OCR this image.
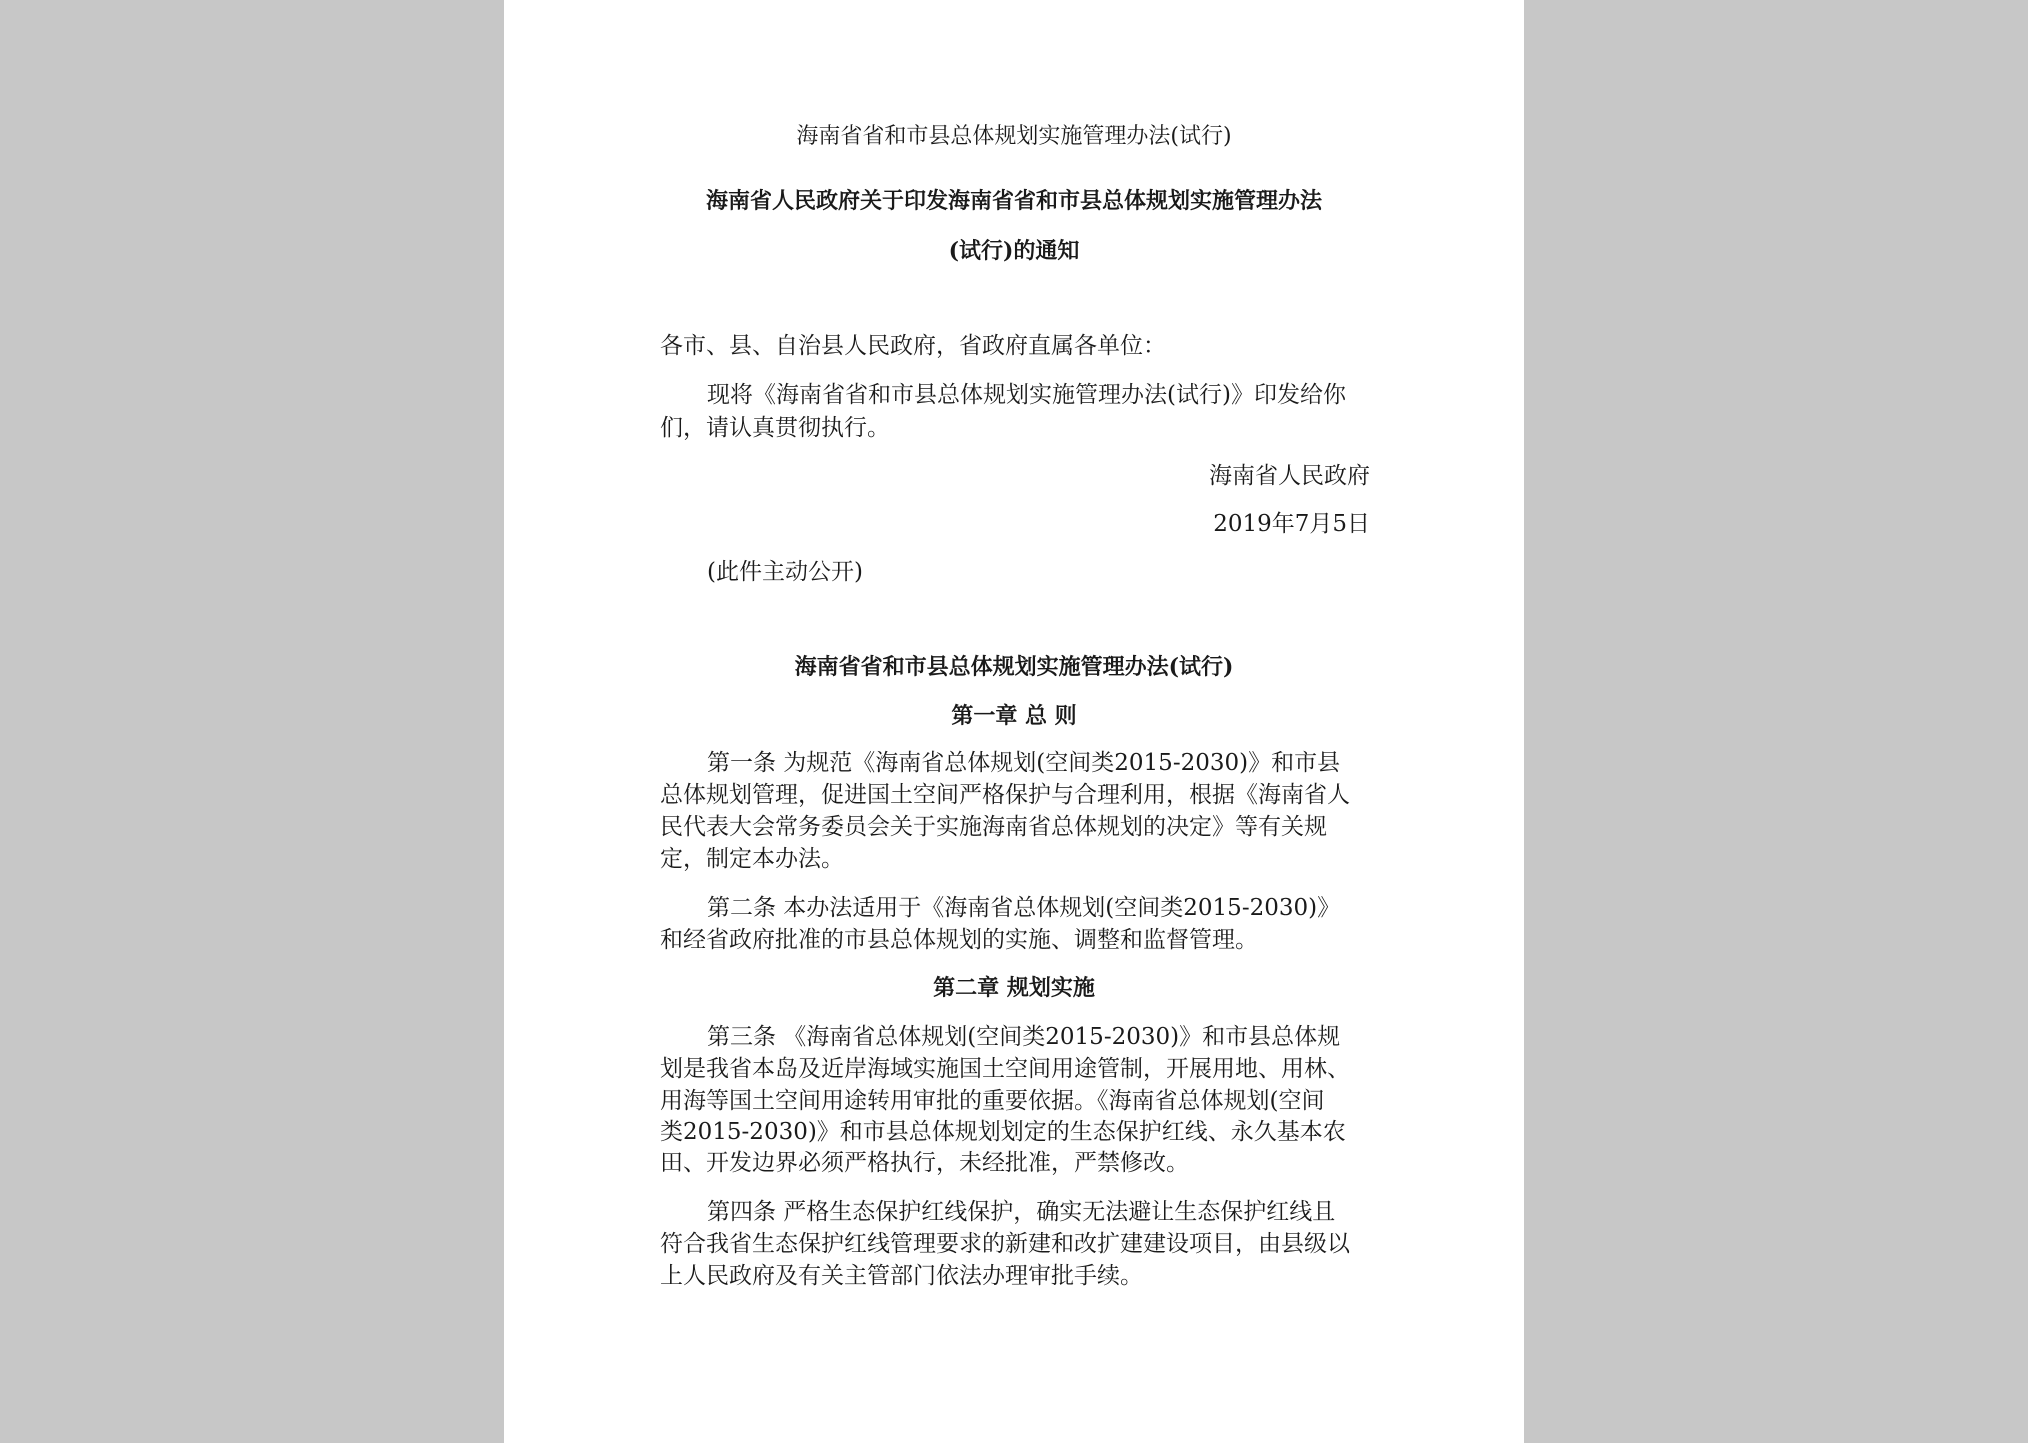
海南省省和市县总体规划实施管理办法(试行)

海南省人民政府关于印发海南省省和市县总体规划实施管理办法

(试行)的通知

各市、县、自治县人民政府，省政府直属各单位：

现将《海南省省和市县总体规划实施管理办法(试行)》印发给你

们，请认真贯彻执行。

海南省人民政府

2019年7月5日

(此件主动公开)

海南省省和市县总体规划实施管理办法(试行)

第一章 总 则

第一条 为规范《海南省总体规划(空间类2015-2030)》和市县

总体规划管理，促进国土空间严格保护与合理利用，根据《海南省人

民代表大会常务委员会关于实施海南省总体规划的决定》等有关规

定，制定本办法。

第二条 本办法适用于《海南省总体规划(空间类2015-2030)》

和经省政府批准的市县总体规划的实施、调整和监督管理。

第二章 规划实施

第三条 《海南省总体规划(空间类2015-2030)》和市县总体规

划是我省本岛及近岸海域实施国土空间用途管制，开展用地、用林、

用海等国土空间用途转用审批的重要依据。《海南省总体规划(空间

类2015-2030)》和市县总体规划划定的生态保护红线、永久基本农

田、开发边界必须严格执行，未经批准，严禁修改。

第四条 严格生态保护红线保护，确实无法避让生态保护红线且

符合我省生态保护红线管理要求的新建和改扩建建设项目，由县级以

上人民政府及有关主管部门依法办理审批手续。
